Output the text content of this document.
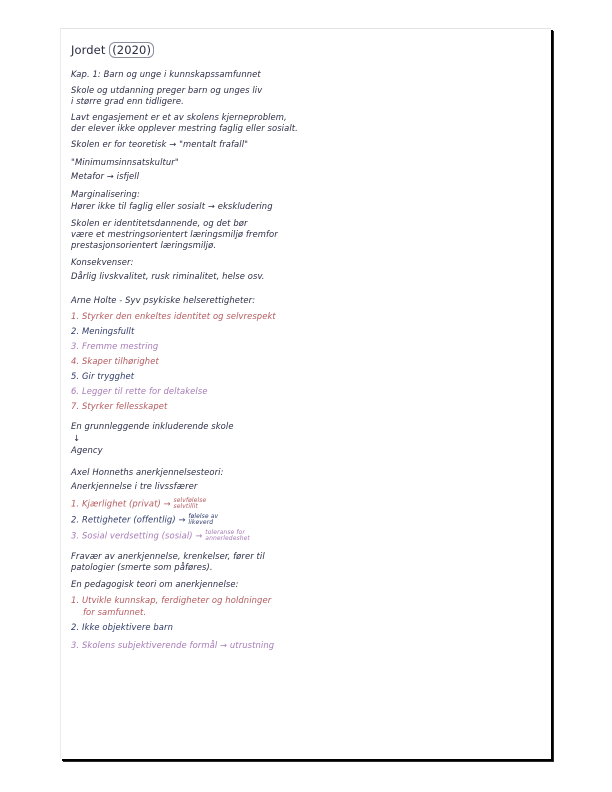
Jordet (2020)
Kap. 1: Barn og unge i kunnskapssamfunnet
Skole og utdanning preger barn og unges liv
i større grad enn tidligere.
Lavt engasjement er et av skolens kjerneproblem,
der elever ikke opplever mestring faglig eller sosialt.
Skolen er for teoretisk → "mentalt frafall"
"Minimumsinnsatskultur"
Metafor → isfjell
Marginalisering:
Hører ikke til faglig eller sosialt → ekskludering
Skolen er identitetsdannende, og det bør
være et mestringsorientert læringsmiljø fremfor
prestasjonsorientert læringsmiljø.
Konsekvenser:
Dårlig livskvalitet, rusk riminalitet, helse osv.
Arne Holte - Syv psykiske helserettigheter:
1. Styrker den enkeltes identitet og selvrespekt
2. Meningsfullt
3. Fremme mestring
4. Skaper tilhørighet
5. Gir trygghet
6. Legger til rette for deltakelse
7. Styrker fellesskapet
En grunnleggende inkluderende skole
↓
Agency
Axel Honneths anerkjennelsesteori:
Anerkjennelse i tre livssfærer
1. Kjærlighet (privat) → selvfølelse
selvtillit
2. Rettigheter (offentlig) → følelse av
likeverd
3. Sosial verdsetting (sosial) → toleranse for
annerledeshet
Fravær av anerkjennelse, krenkelser, fører til
patologier (smerte som påføres).
En pedagogisk teori om anerkjennelse:
1. Utvikle kunnskap, ferdigheter og holdninger
for samfunnet.
2. Ikke objektivere barn
3. Skolens subjektiverende formål → utrustning
